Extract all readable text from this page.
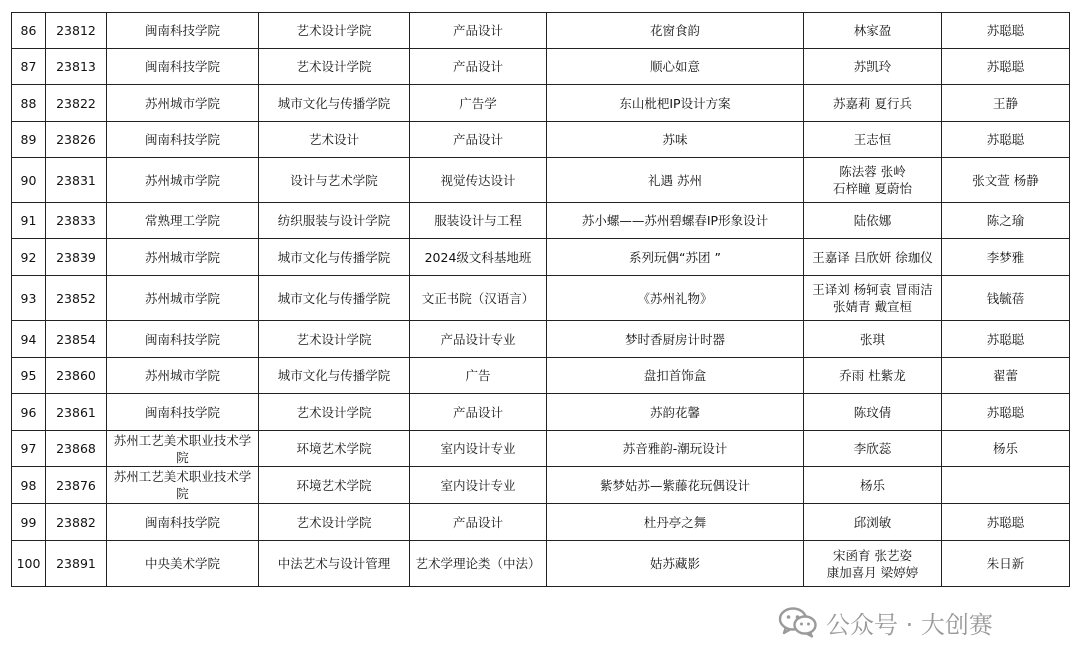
86	23812	闽南科技学院	艺术设计学院	产品设计	花窗食韵	林家盈	苏聪聪

87	23813	闽南科技学院	艺术设计学院	产品设计	顺心如意	苏凯玲	苏聪聪

88	23822	苏州城市学院	城市文化与传播学院	广告学	东山枇杷IP设计方案	苏嘉莉 夏行兵	王静

89	23826	闽南科技学院	艺术设计	产品设计	苏味	王志恒	苏聪聪

90	23831	苏州城市学院	设计与艺术学院	视觉传达设计	礼遇 苏州	陈法蓉 张岭
石梓瞳 夏蔚怡	张文萱 杨静

91	23833	常熟理工学院	纺织服装与设计学院	服装设计与工程	苏小螺——苏州碧螺春IP形象设计	陆依娜	陈之瑜

92	23839	苏州城市学院	城市文化与传播学院	2024级文科基地班	系列玩偶“苏团 ”	王嘉译 吕欣妍 徐珈仪	李梦雅

93	23852	苏州城市学院	城市文化与传播学院	文正书院（汉语言）	《苏州礼物》	王译刘 杨轲袁 冒雨洁
张婧青 戴宣桓	钱毓蓓

94	23854	闽南科技学院	艺术设计学院	产品设计专业	梦时香厨房计时器	张琪	苏聪聪

95	23860	苏州城市学院	城市文化与传播学院	广告	盘扣首饰盒	乔雨 杜紫龙	翟蕾

96	23861	闽南科技学院	艺术设计学院	产品设计	苏韵花馨	陈玟倩	苏聪聪

97	23868	苏州工艺美术职业技术学
院	环境艺术学院	室内设计专业	苏音雅韵-潮玩设计	李欣蕊	杨乐

98	23876	苏州工艺美术职业技术学
院	环境艺术学院	室内设计专业	紫梦姑苏—紫藤花玩偶设计	杨乐	

99	23882	闽南科技学院	艺术设计学院	产品设计	杜丹亭之舞	邱浏敏	苏聪聪

100	23891	中央美术学院	中法艺术与设计管理	艺术学理论类（中法）	姑苏藏影	宋函育 张艺姿
康加喜月 梁婷婷	朱日新
公众号 · 大创赛
